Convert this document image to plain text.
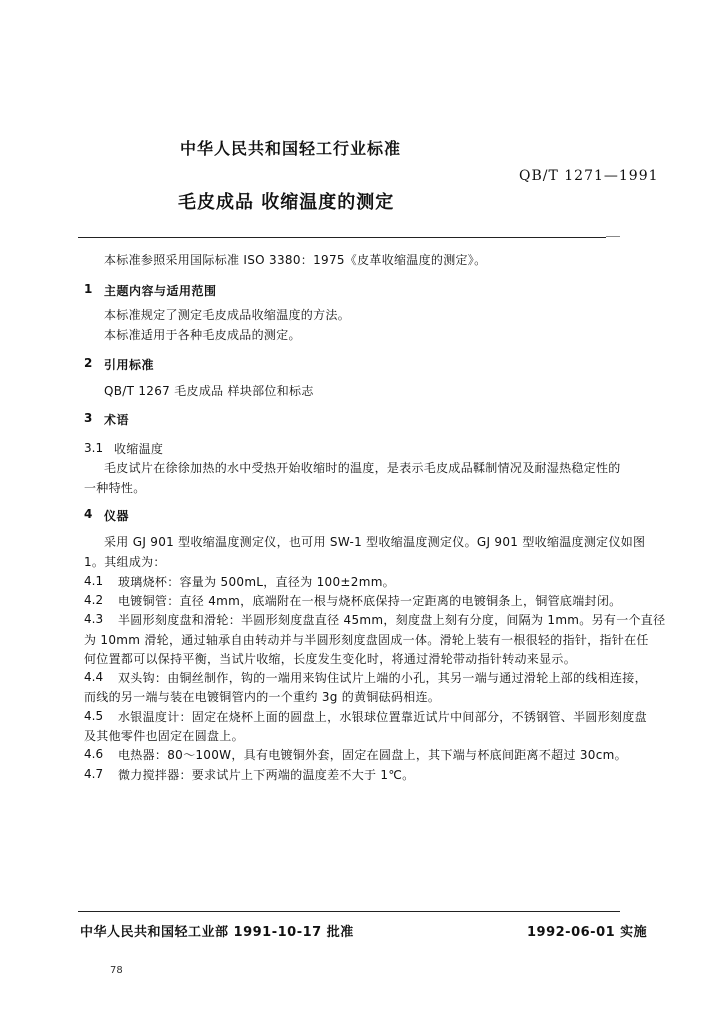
中华人民共和国轻工行业标准
QB/T 1271—1991
毛皮成品 收缩温度的测定
本标准参照采用国际标准 ISO 3380：1975《皮革收缩温度的测定》。
1 主题内容与适用范围
本标准规定了测定毛皮成品收缩温度的方法。
本标准适用于各种毛皮成品的测定。
2 引用标准
QB/T 1267 毛皮成品 样块部位和标志
3 术语
3.1 收缩温度
毛皮试片在徐徐加热的水中受热开始收缩时的温度，是表示毛皮成品鞣制情况及耐湿热稳定性的
一种特性。
4 仪器
采用 GJ 901 型收缩温度测定仪，也可用 SW-1 型收缩温度测定仪。GJ 901 型收缩温度测定仪如图
1。其组成为：
4.1 玻璃烧杯：容量为 500mL，直径为 100±2mm。
4.2 电镀铜管：直径 4mm，底端附在一根与烧杯底保持一定距离的电镀铜条上，铜管底端封闭。
4.3 半圆形刻度盘和滑轮：半圆形刻度盘直径 45mm，刻度盘上刻有分度，间隔为 1mm。另有一个直径
为 10mm 滑轮，通过轴承自由转动并与半圆形刻度盘固成一体。滑轮上装有一根很轻的指针，指针在任
何位置都可以保持平衡，当试片收缩，长度发生变化时，将通过滑轮带动指针转动来显示。
4.4 双头钩：由铜丝制作，钩的一端用来钩住试片上端的小孔，其另一端与通过滑轮上部的线相连接，
而线的另一端与装在电镀铜管内的一个重约 3g 的黄铜砝码相连。
4.5 水银温度计：固定在烧杯上面的圆盘上，水银球位置靠近试片中间部分，不锈钢管、半圆形刻度盘
及其他零件也固定在圆盘上。
4.6 电热器：80～100W，具有电镀铜外套，固定在圆盘上，其下端与杯底间距离不超过 30cm。
4.7 微力搅拌器：要求试片上下两端的温度差不大于 1℃。
中华人民共和国轻工业部 1991-10-17 批准	1992-06-01 实施
78
